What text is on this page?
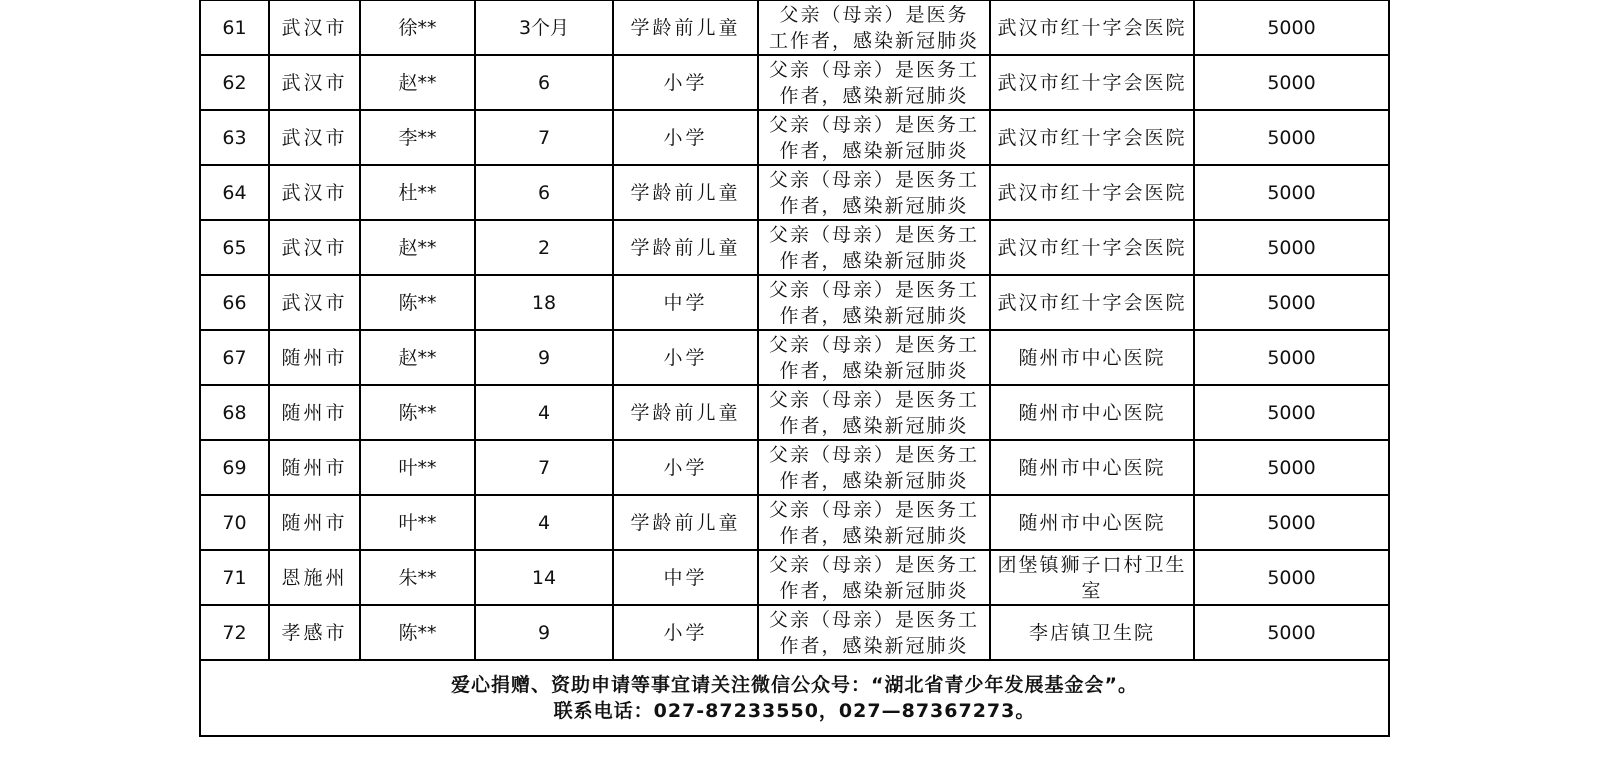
61	武汉市	徐**	3个月	学龄前儿童	父亲（母亲）是医务
工作者，感染新冠肺炎	武汉市红十字会医院	5000
62	武汉市	赵**	6	小学	父亲（母亲）是医务工
作者，感染新冠肺炎	武汉市红十字会医院	5000
63	武汉市	李**	7	小学	父亲（母亲）是医务工
作者，感染新冠肺炎	武汉市红十字会医院	5000
64	武汉市	杜**	6	学龄前儿童	父亲（母亲）是医务工
作者，感染新冠肺炎	武汉市红十字会医院	5000
65	武汉市	赵**	2	学龄前儿童	父亲（母亲）是医务工
作者，感染新冠肺炎	武汉市红十字会医院	5000
66	武汉市	陈**	18	中学	父亲（母亲）是医务工
作者，感染新冠肺炎	武汉市红十字会医院	5000
67	随州市	赵**	9	小学	父亲（母亲）是医务工
作者，感染新冠肺炎	随州市中心医院	5000
68	随州市	陈**	4	学龄前儿童	父亲（母亲）是医务工
作者，感染新冠肺炎	随州市中心医院	5000
69	随州市	叶**	7	小学	父亲（母亲）是医务工
作者，感染新冠肺炎	随州市中心医院	5000
70	随州市	叶**	4	学龄前儿童	父亲（母亲）是医务工
作者，感染新冠肺炎	随州市中心医院	5000
71	恩施州	朱**	14	中学	父亲（母亲）是医务工
作者，感染新冠肺炎	团堡镇狮子口村卫生室	5000
72	孝感市	陈**	9	小学	父亲（母亲）是医务工
作者，感染新冠肺炎	李店镇卫生院	5000

爱心捐赠、资助申请等事宜请关注微信公众号：“湖北省青少年发展基金会”。
联系电话：027-87233550，027—87367273。							
